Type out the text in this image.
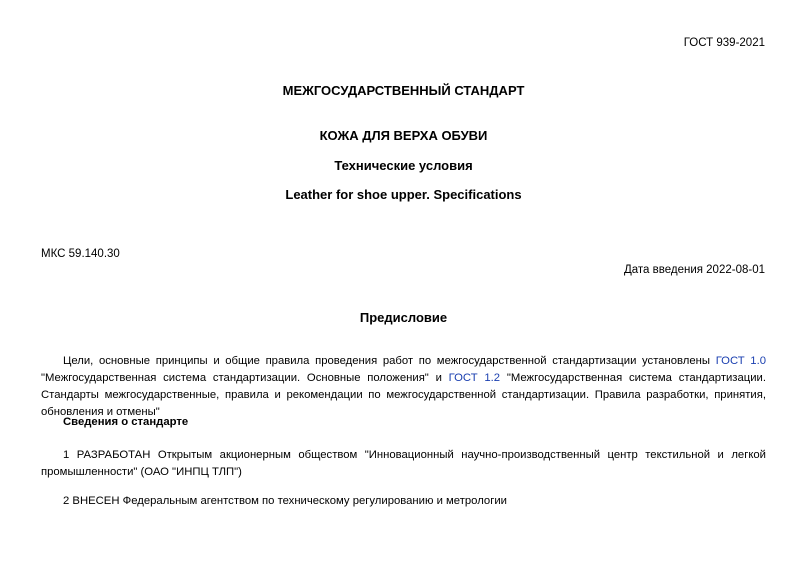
ГОСТ 939-2021
МЕЖГОСУДАРСТВЕННЫЙ СТАНДАРТ
КОЖА ДЛЯ ВЕРХА ОБУВИ
Технические условия
Leather for shoe upper. Specifications
МКС 59.140.30
Дата введения 2022-08-01
Предисловие
Цели, основные принципы и общие правила проведения работ по межгосударственной стандартизации установлены ГОСТ 1.0 "Межгосударственная система стандартизации. Основные положения" и ГОСТ 1.2 "Межгосударственная система стандартизации. Стандарты межгосударственные, правила и рекомендации по межгосударственной стандартизации. Правила разработки, принятия, обновления и отмены"
Сведения о стандарте
1 РАЗРАБОТАН Открытым акционерным обществом "Инновационный научно-производственный центр текстильной и легкой промышленности" (ОАО "ИНПЦ ТЛП")
2 ВНЕСЕН Федеральным агентством по техническому регулированию и метрологии
